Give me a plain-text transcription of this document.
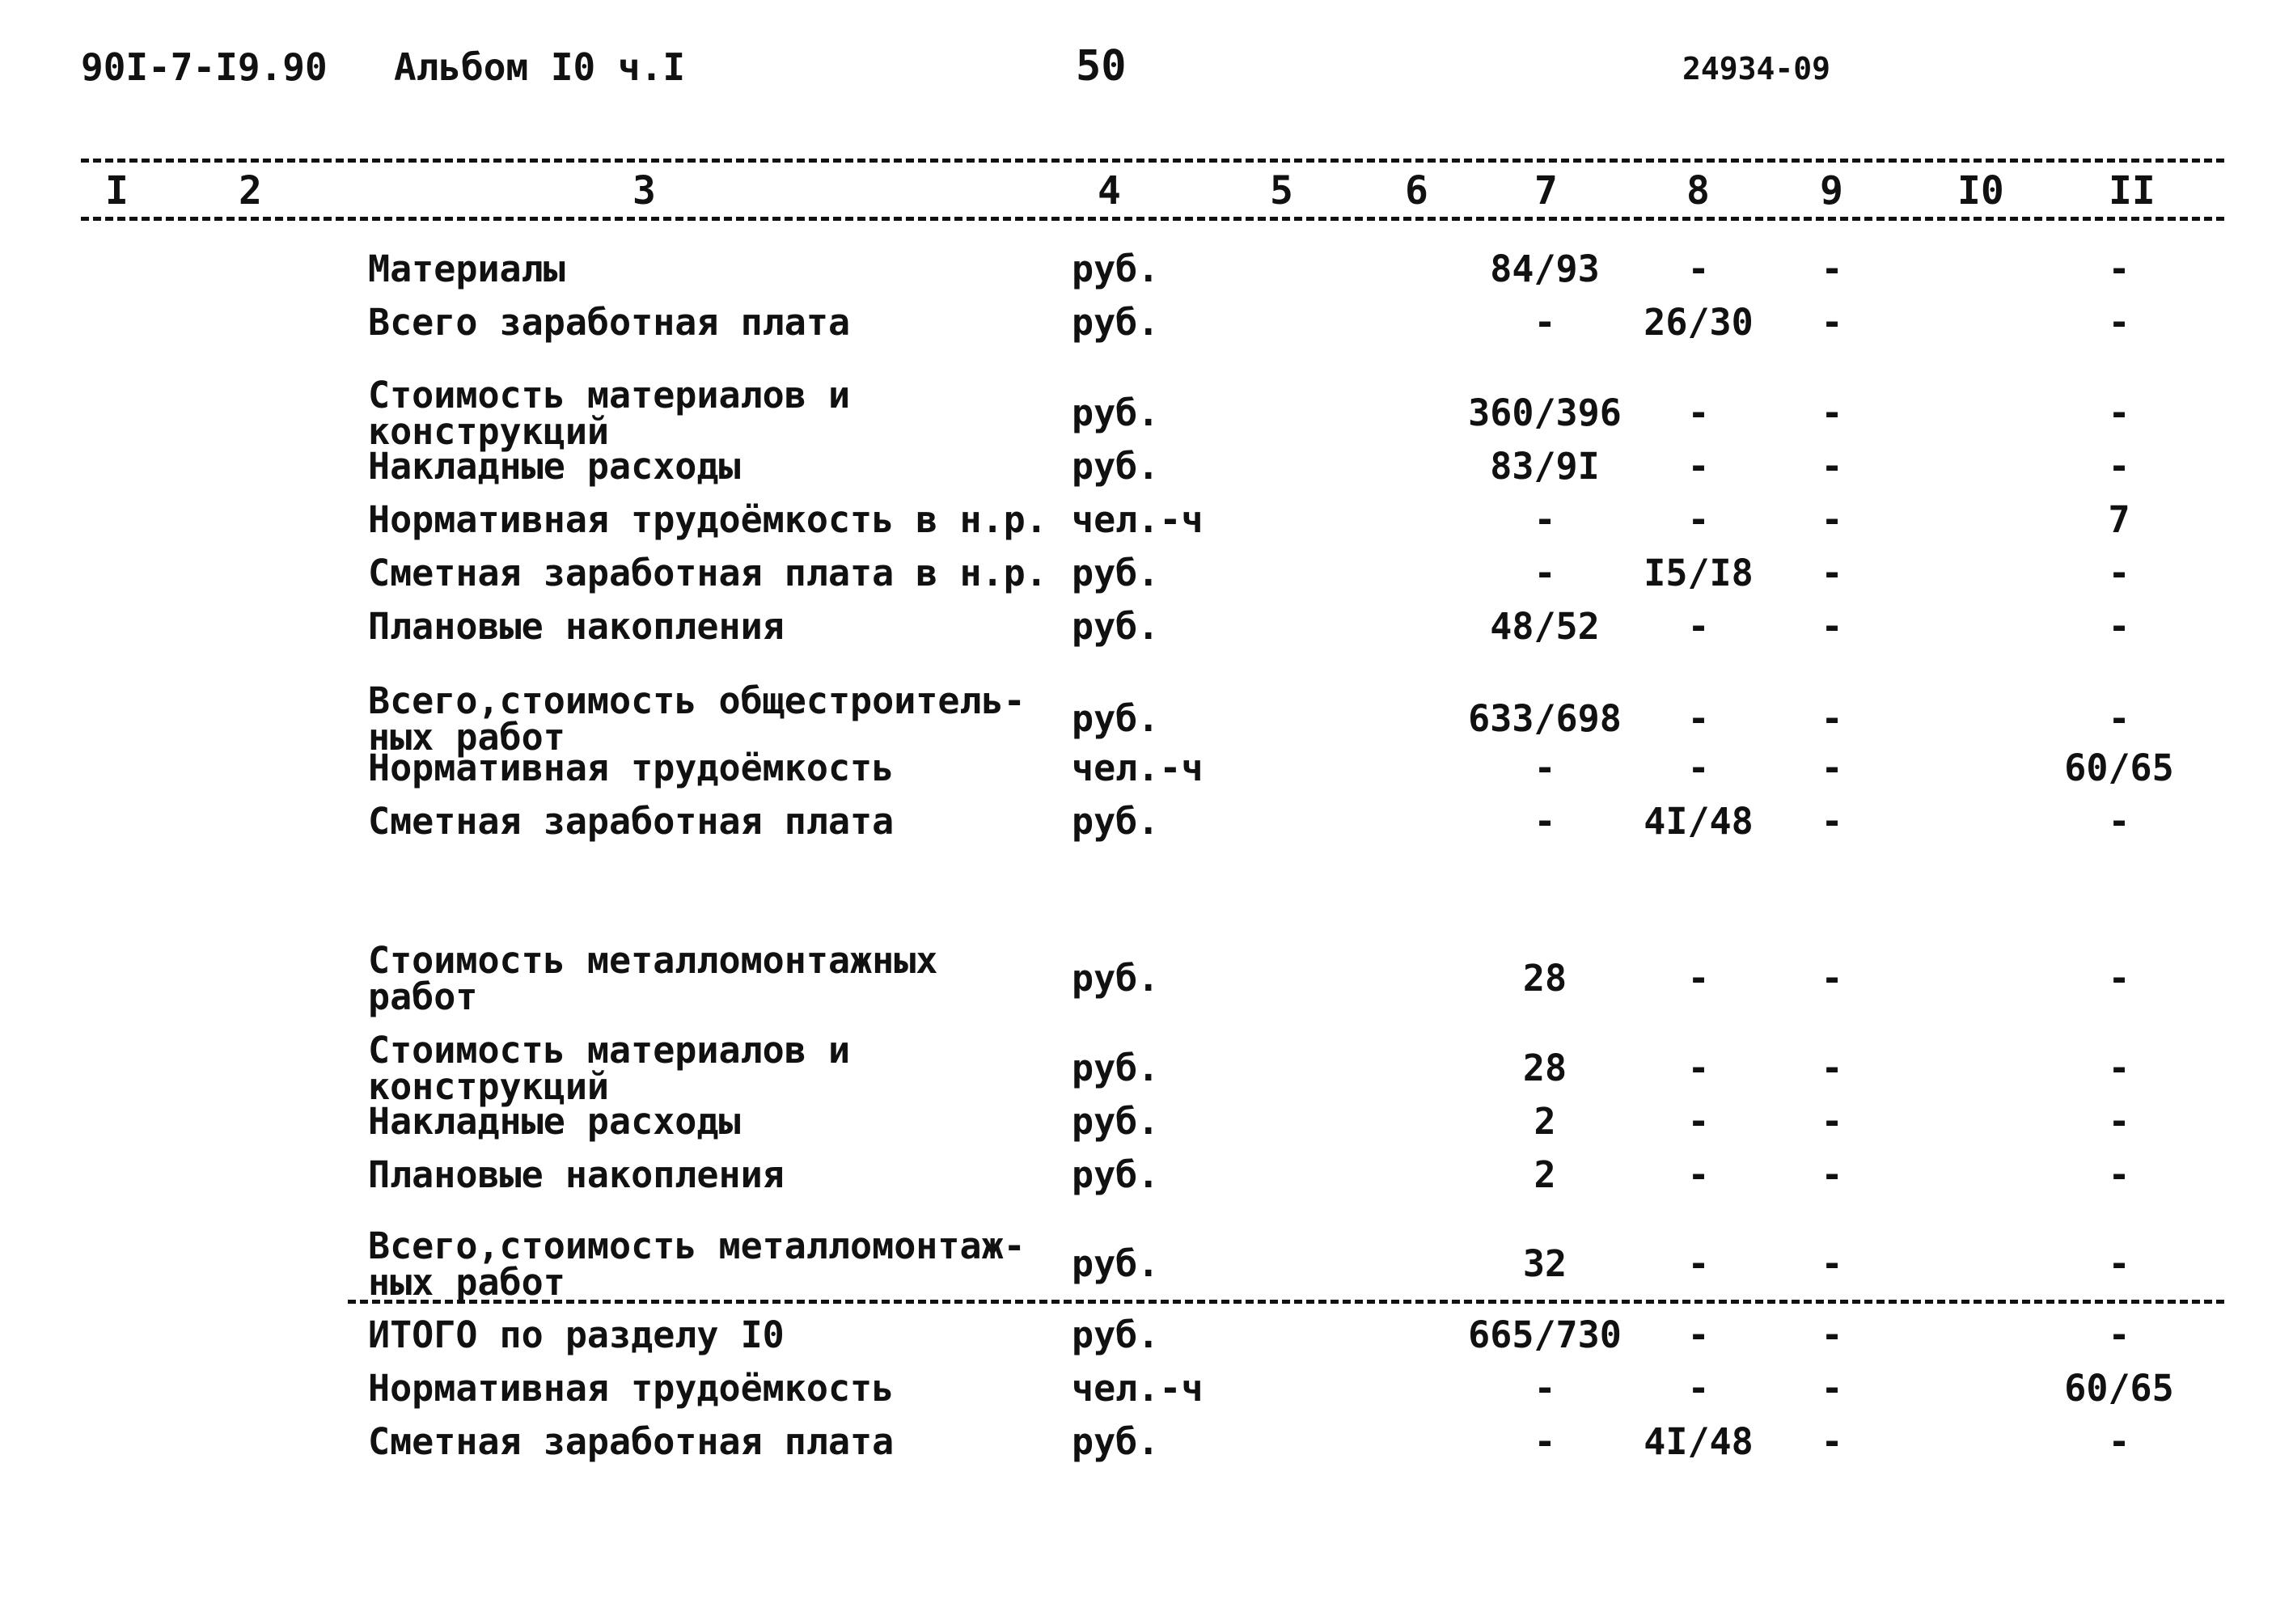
90I-7-I9.90 Альбом I0 ч.I	50	24934-09
I	2	3	4	5	6	7	8	9	I0	II
Материалы	руб.	84/93	-	-	-
Всего заработная плата	руб.	-	26/30	-	-
Стоимость материалов и
конструкций	руб.	360/396	-	-	-
Накладные расходы	руб.	83/9I	-	-	-
Нормативная трудоёмкость в н.р. чел.-ч	-	-	-	7
Сметная заработная плата в н.р. руб.	-	I5/I8	-	-
Плановые накопления	руб.	48/52	-	-	-
Всего,стоимость общестроитель-
ных работ	руб.	633/698	-	-	-
Нормативная трудоёмкость	чел.-ч	-	-	-	60/65
Сметная заработная плата	руб.	-	4I/48	-	-
Стоимость металломонтажных
работ	руб.	28	-	-	-
Стоимость материалов и
конструкций	руб.	28	-	-	-
Накладные расходы	руб.	2	-	-	-
Плановые накопления	руб.	2	-	-	-
Всего,стоимость металломонтаж-
ных работ	руб.	32	-	-	-
ИТОГО по разделу I0	руб.	665/730	-	-	-
Нормативная трудоёмкость	чел.-ч	-	-	-	60/65
Сметная заработная плата	руб.	-	4I/48	-	-
